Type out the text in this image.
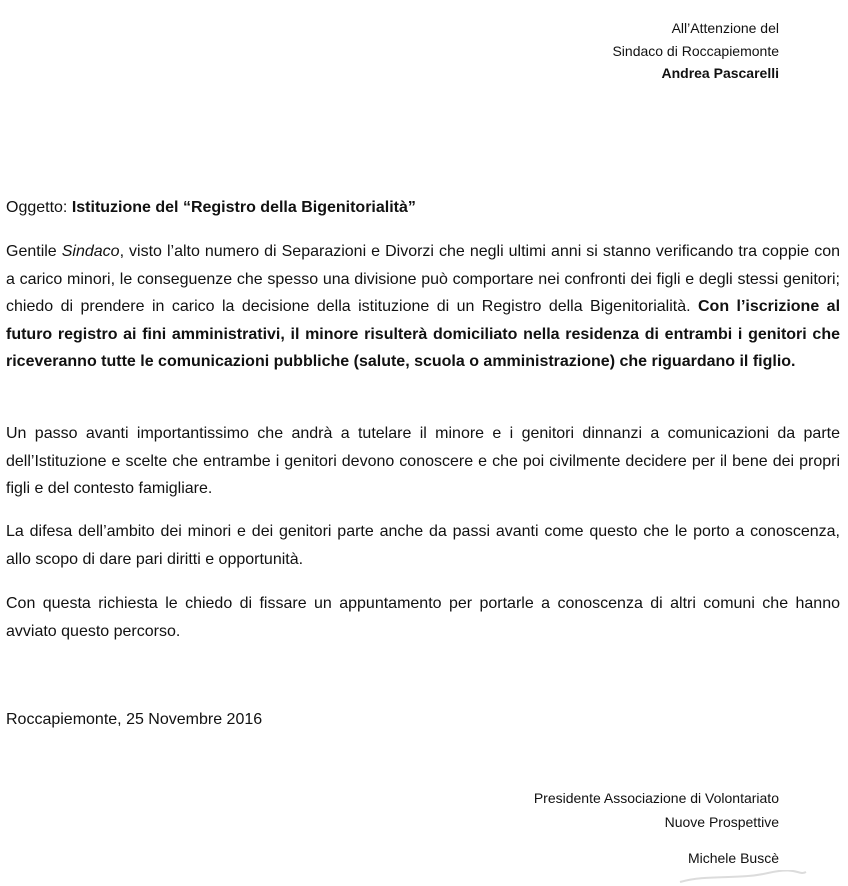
All’Attenzione del
Sindaco di Roccapiemonte
Andrea Pascarelli
Oggetto: Istituzione del “Registro della Bigenitorialità”

Gentile Sindaco, visto l’alto numero di Separazioni e Divorzi che negli ultimi anni si stanno verificando tra coppie con a carico minori, le conseguenze che spesso una divisione può comportare nei confronti dei figli e degli stessi genitori; chiedo di prendere in carico la decisione della istituzione di un Registro della Bigenitorialità. Con l’iscrizione al futuro registro ai fini amministrativi, il minore risulterà domiciliato nella residenza di entrambi i genitori che riceveranno tutte le comunicazioni pubbliche (salute, scuola o amministrazione) che riguardano il figlio.

Un passo avanti importantissimo che andrà a tutelare il minore e i genitori dinnanzi a comunicazioni da parte dell’Istituzione e scelte che entrambe i genitori devono conoscere e che poi civilmente decidere per il bene dei propri figli e del contesto famigliare.

La difesa dell’ambito dei minori e dei genitori parte anche da passi avanti come questo che le porto a conoscenza, allo scopo di dare pari diritti e opportunità.

Con questa richiesta le chiedo di fissare un appuntamento per portarle a conoscenza di altri comuni che hanno avviato questo percorso.

Roccapiemonte, 25 Novembre 2016
Presidente Associazione di Volontariato
Nuove Prospettive
Michele Buscè
